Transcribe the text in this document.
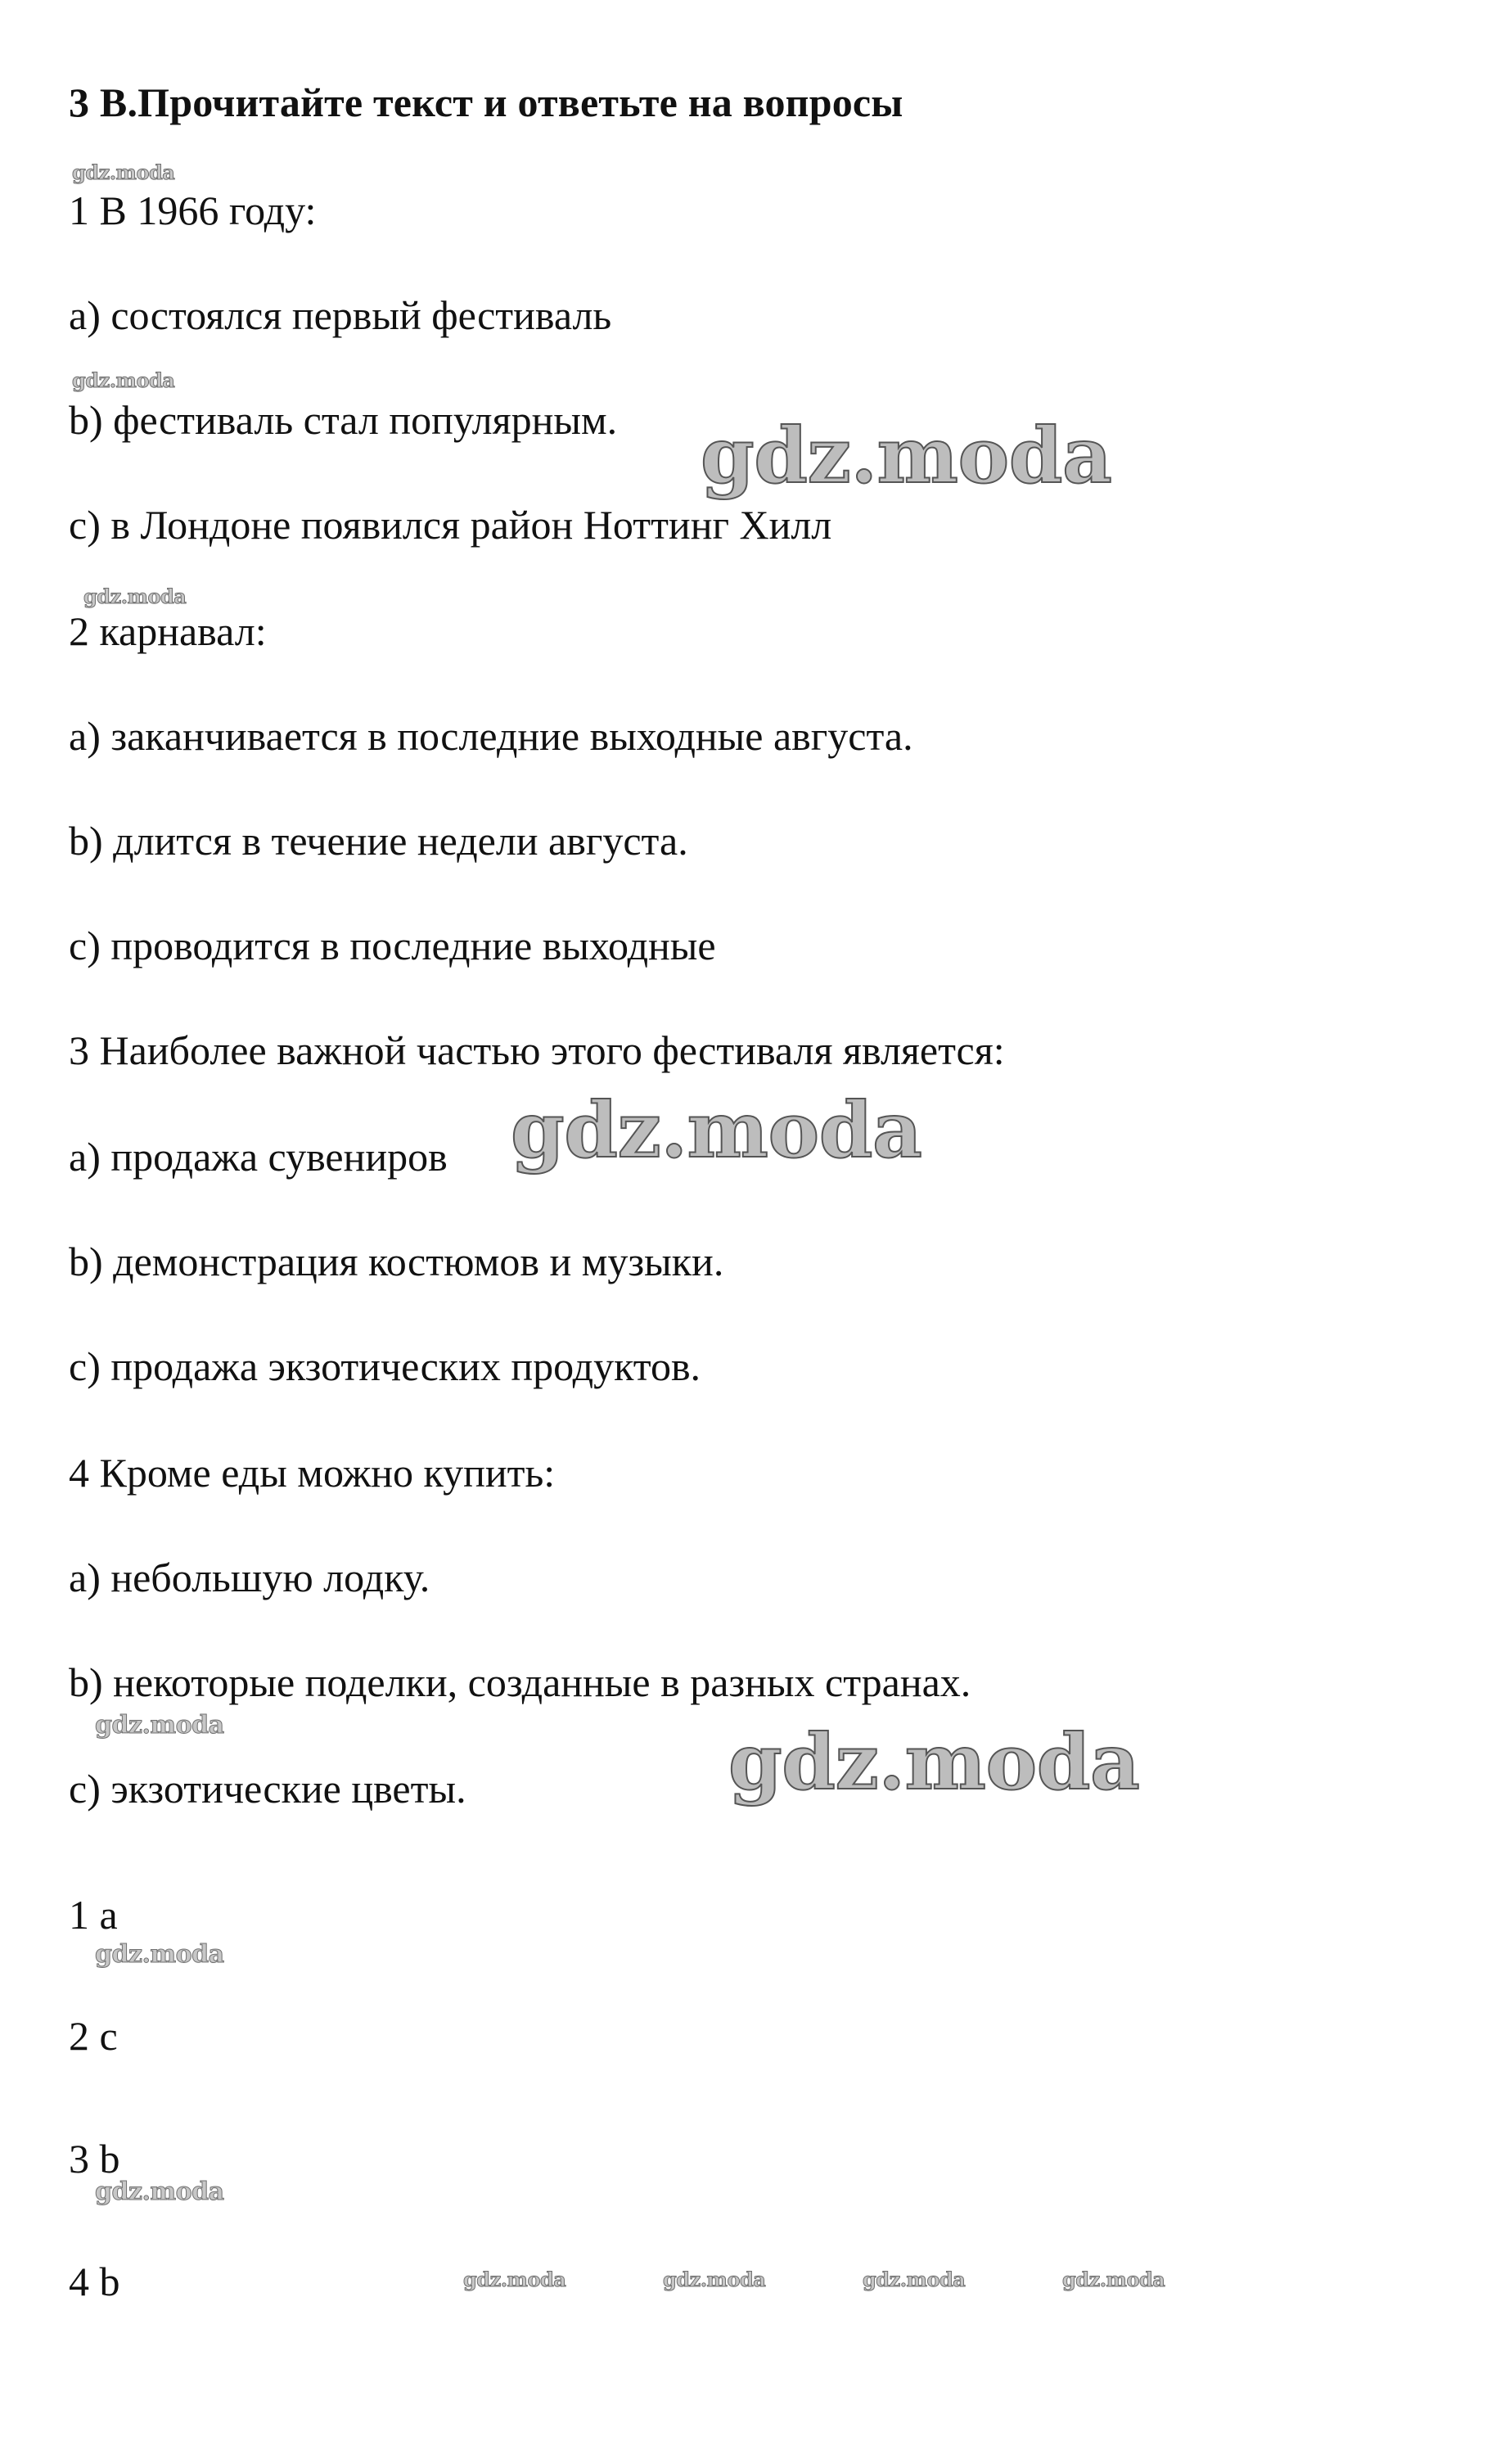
3 B.Прочитайте текст и ответьте на вопросы
1 В 1966 году:
a) состоялся первый фестиваль
b) фестиваль стал популярным.
c) в Лондоне появился район Ноттинг Хилл
2 карнавал:
a) заканчивается в последние выходные августа.
b) длится в течение недели августа.
c) проводится в последние выходные
3 Наиболее важной частью этого фестиваля является:
a) продажа сувениров
b) демонстрация костюмов и музыки.
c) продажа экзотических продуктов.
4 Кроме еды можно купить:
a) небольшую лодку.
b) некоторые поделки, созданные в разных странах.
c) экзотические цветы.
1 a
2 c
3 b
4 b
gdz.moda
gdz.moda
gdz.moda
gdz.moda
gdz.moda
gdz.moda	gdz.moda
gdz.moda
gdz.moda
gdz.moda	gdz.moda	gdz.moda	gdz.moda
